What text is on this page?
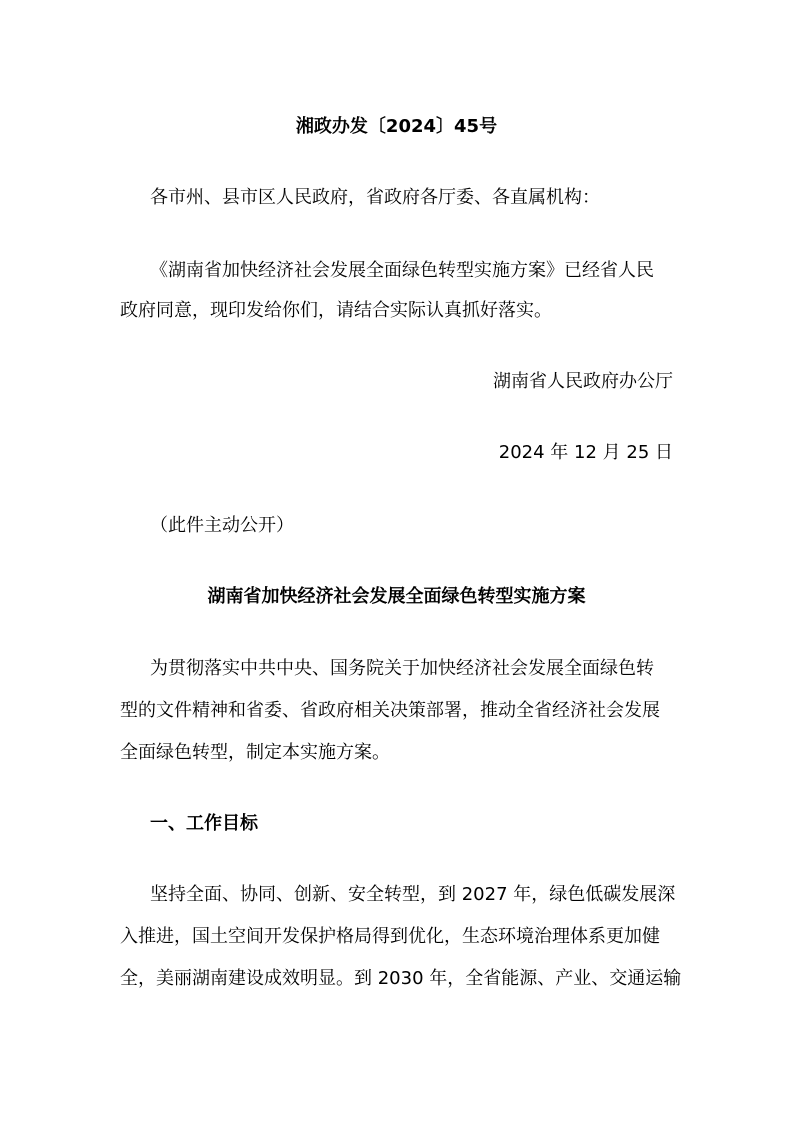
湘政办发〔2024〕45号
各市州、县市区人民政府，省政府各厅委、各直属机构：
《湖南省加快经济社会发展全面绿色转型实施方案》已经省人民
政府同意，现印发给你们，请结合实际认真抓好落实。
湖南省人民政府办公厅
2024 年 12 月 25 日
（此件主动公开）
湖南省加快经济社会发展全面绿色转型实施方案
为贯彻落实中共中央、国务院关于加快经济社会发展全面绿色转
型的文件精神和省委、省政府相关决策部署，推动全省经济社会发展
全面绿色转型，制定本实施方案。
一、工作目标
坚持全面、协同、创新、安全转型，到 2027 年，绿色低碳发展深
入推进，国土空间开发保护格局得到优化，生态环境治理体系更加健
全，美丽湖南建设成效明显。到 2030 年，全省能源、产业、交通运输
